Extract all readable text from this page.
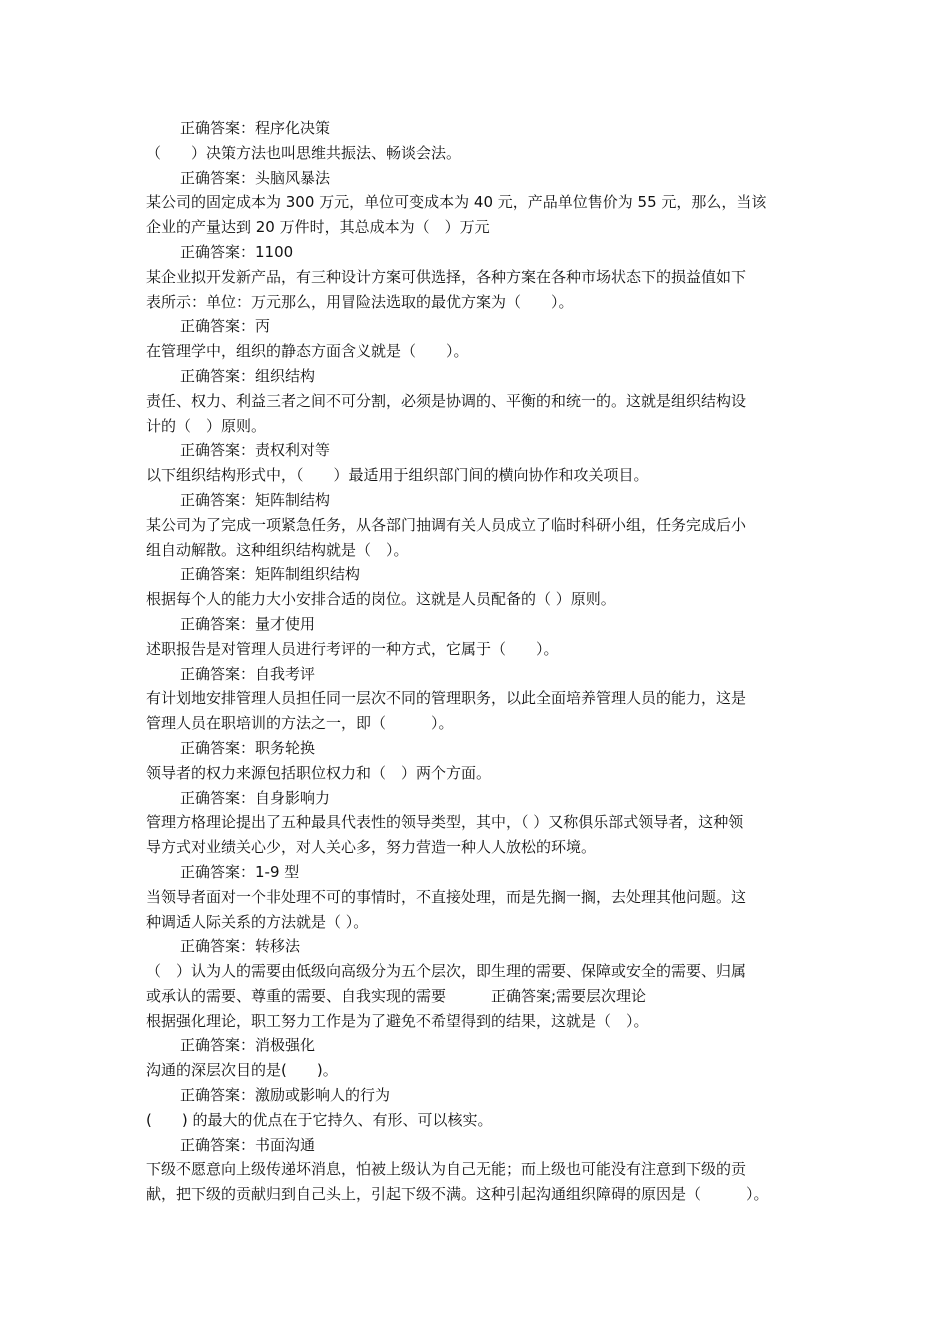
正确答案：程序化决策
（　　）决策方法也叫思维共振法、畅谈会法。
正确答案：头脑风暴法
某公司的固定成本为 300 万元，单位可变成本为 40 元，产品单位售价为 55 元，那么，当该
企业的产量达到 20 万件时，其总成本为（　）万元
正确答案：1100
某企业拟开发新产品，有三种设计方案可供选择，各种方案在各种市场状态下的损益值如下
表所示：单位：万元那么，用冒险法选取的最优方案为（　　）。
正确答案：丙
在管理学中，组织的静态方面含义就是（　　）。
正确答案：组织结构
责任、权力、利益三者之间不可分割，必须是协调的、平衡的和统一的。这就是组织结构设
计的（　）原则。
正确答案：责权利对等
以下组织结构形式中，（　　）最适用于组织部门间的横向协作和攻关项目。
正确答案：矩阵制结构
某公司为了完成一项紧急任务，从各部门抽调有关人员成立了临时科研小组，任务完成后小
组自动解散。这种组织结构就是（　）。
正确答案：矩阵制组织结构
根据每个人的能力大小安排合适的岗位。这就是人员配备的（ ）原则。
正确答案：量才使用
述职报告是对管理人员进行考评的一种方式，它属于（　　）。
正确答案：自我考评
有计划地安排管理人员担任同一层次不同的管理职务，以此全面培养管理人员的能力，这是
管理人员在职培训的方法之一，即（　　　）。
正确答案：职务轮换
领导者的权力来源包括职位权力和（　）两个方面。
正确答案：自身影响力
管理方格理论提出了五种最具代表性的领导类型，其中，（ ）又称俱乐部式领导者，这种领
导方式对业绩关心少，对人关心多，努力营造一种人人放松的环境。
正确答案：1-9 型
当领导者面对一个非处理不可的事情时，不直接处理，而是先搁一搁，去处理其他问题。这
种调适人际关系的方法就是（ ）。
正确答案：转移法
（　）认为人的需要由低级向高级分为五个层次，即生理的需要、保障或安全的需要、归属
或承认的需要、尊重的需要、自我实现的需要　　　正确答案;需要层次理论
根据强化理论，职工努力工作是为了避免不希望得到的结果，这就是（　）。
正确答案：消极强化
沟通的深层次目的是(　　)。
正确答案：激励或影响人的行为
(　　) 的最大的优点在于它持久、有形、可以核实。
正确答案：书面沟通
下级不愿意向上级传递坏消息，怕被上级认为自己无能；而上级也可能没有注意到下级的贡
献，把下级的贡献归到自己头上，引起下级不满。这种引起沟通组织障碍的原因是（　　　）。
